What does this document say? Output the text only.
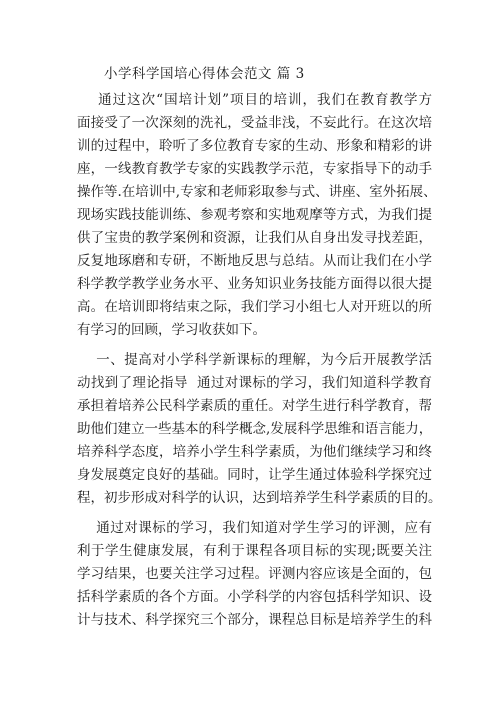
小学科学国培心得体会范文 篇 3
通过这次“国培计划”项目的培训，我们在教育教学方
面接受了一次深刻的洗礼，受益非浅，不妄此行。在这次培
训的过程中，聆听了多位教育专家的生动、形象和精彩的讲
座，一线教育教学专家的实践教学示范，专家指导下的动手
操作等.在培训中,专家和老师彩取参与式、讲座、室外拓展、
现场实践技能训练、参观考察和实地观摩等方式，为我们提
供了宝贵的教学案例和资源，让我们从自身出发寻找差距，
反复地琢磨和专研，不断地反思与总结。从而让我们在小学
科学教学教学业务水平、业务知识业务技能方面得以很大提
高。在培训即将结束之际，我们学习小组七人对开班以的所
有学习的回顾，学习收获如下。
一、提高对小学科学新课标的理解，为今后开展教学活
动找到了理论指导  通过对课标的学习，我们知道科学教育
承担着培养公民科学素质的重任。对学生进行科学教育，帮
助他们建立一些基本的科学概念,发展科学思维和语言能力，
培养科学态度，培养小学生科学素质，为他们继续学习和终
身发展奠定良好的基础。同时，让学生通过体验科学探究过
程，初步形成对科学的认识，达到培养学生科学素质的目的。
通过对课标的学习，我们知道对学生学习的评测，应有
利于学生健康发展，有利于课程各项目标的实现;既要关注
学习结果，也要关注学习过程。评测内容应该是全面的，包
括科学素质的各个方面。小学科学的内容包括科学知识、设
计与技术、科学探究三个部分，课程总目标是培养学生的科
